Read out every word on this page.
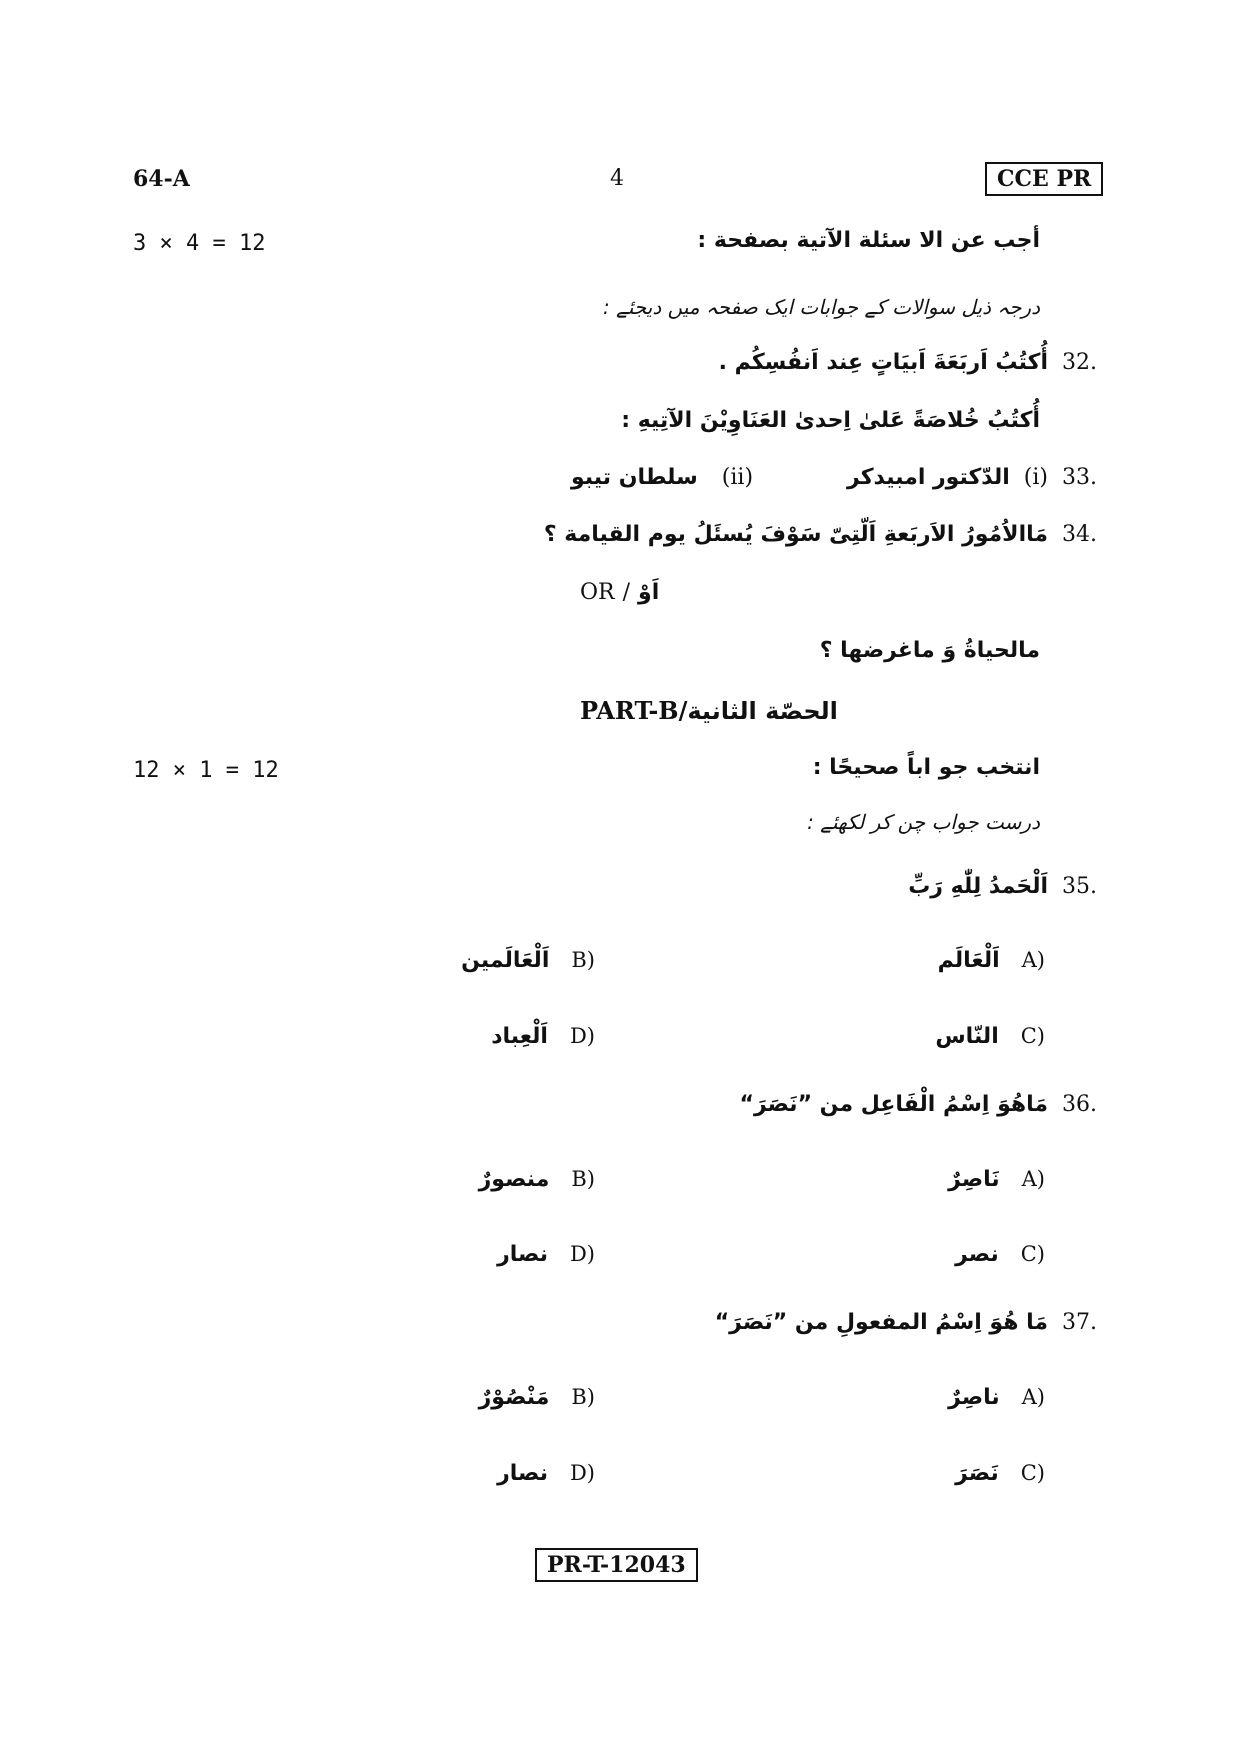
64-A	4	CCE PR
3 × 4 = 12	أجب عن الا سئلة الآتية بصفحة :
درجہ ذیل سوالات کے جوابات ایک صفحہ میں دیجئے :
32.
أُكتُبُ اَربَعَةَ اَبيَاتٍ عِند اَنفُسِكُم .
أُكتُبُ خُلاصَةً عَلىٰ اِحدىٰ العَنَاوِيْنَ الآتِيهِ :
33.
(i)
الدّكتور امبيدكر
(ii)
سلطان تيبو
34.
مَاالاُمُورُ الاَربَعةِ اَلّتِىّ سَوْفَ يُسئَلُ يوم القيامة ؟
OR / اَوْ
مالحياةُ وَ ماغرضها ؟
PART-B/ الحصّة الثانية
12 × 1 = 12	انتخب جو اباً صحيحًا :
درست جواب چن کر لکھئے :
35.
اَلْحَمدُ لِلّٰهِ رَبِّ
A)
اَلْعَالَم
B)
اَلْعَالَمين
C)
النّاس
D)
اَلْعِباد
36.
مَاهُوَ اِسْمُ الْفَاعِل من ”نَصَرَ“
A)
نَاصِرٌ
B)
منصورٌ
C)
نصر
D)
نصار
37.
مَا هُوَ اِسْمُ المفعولِ من ”نَصَرَ“
A)
ناصِرٌ
B)
مَنْصُوْرٌ
C)
نَصَرَ
D)
نصار
PR-T-12043
